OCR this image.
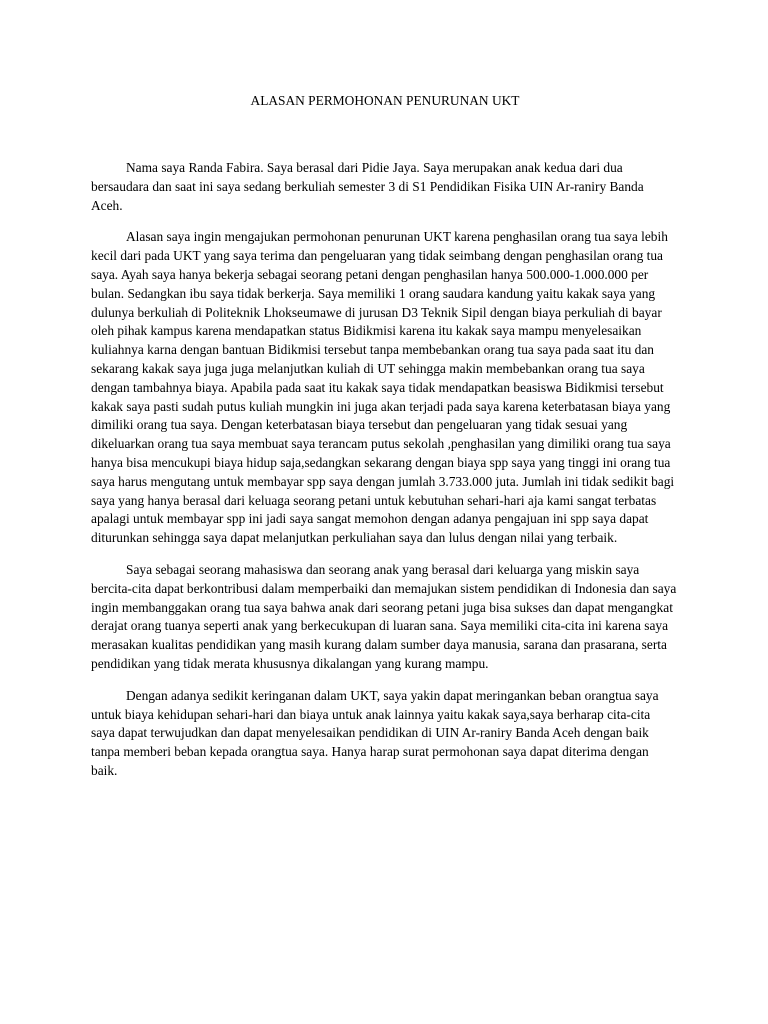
ALASAN PERMOHONAN PENURUNAN UKT

Nama saya Randa Fabira. Saya berasal dari Pidie Jaya. Saya merupakan anak kedua dari dua bersaudara dan saat ini saya sedang berkuliah semester 3 di S1 Pendidikan Fisika UIN Ar-raniry Banda Aceh.

Alasan saya ingin mengajukan permohonan penurunan UKT karena penghasilan orang tua saya lebih kecil dari pada UKT yang saya terima dan pengeluaran yang tidak seimbang dengan penghasilan orang tua saya. Ayah saya hanya bekerja sebagai seorang petani dengan penghasilan hanya 500.000-1.000.000 per bulan. Sedangkan ibu saya tidak berkerja. Saya memiliki 1 orang saudara kandung yaitu kakak saya yang dulunya berkuliah di Politeknik Lhokseumawe di jurusan D3 Teknik Sipil dengan biaya perkuliah di bayar oleh pihak kampus karena mendapatkan status Bidikmisi karena itu kakak saya mampu menyelesaikan kuliahnya karna dengan bantuan Bidikmisi tersebut tanpa membebankan orang tua saya pada saat itu dan sekarang kakak saya juga juga melanjutkan kuliah di UT sehingga makin membebankan orang tua saya dengan tambahnya biaya. Apabila pada saat itu kakak saya tidak mendapatkan beasiswa Bidikmisi tersebut kakak saya pasti sudah putus kuliah mungkin ini juga akan terjadi pada saya karena keterbatasan biaya yang dimiliki orang tua saya. Dengan keterbatasan biaya tersebut dan pengeluaran yang tidak sesuai yang dikeluarkan orang tua saya membuat saya terancam putus sekolah ,penghasilan yang dimiliki orang tua saya hanya bisa mencukupi biaya hidup saja,sedangkan sekarang dengan biaya spp saya yang tinggi ini orang tua saya harus mengutang untuk membayar spp saya dengan jumlah 3.733.000 juta. Jumlah ini tidak sedikit bagi saya yang hanya berasal dari keluaga seorang petani untuk kebutuhan sehari-hari aja kami sangat terbatas apalagi untuk membayar spp ini jadi saya sangat memohon dengan adanya pengajuan ini spp saya dapat diturunkan sehingga saya dapat melanjutkan perkuliahan saya dan lulus dengan nilai yang terbaik.

Saya sebagai seorang mahasiswa dan seorang anak yang berasal dari keluarga yang miskin saya bercita-cita dapat berkontribusi dalam memperbaiki dan memajukan sistem pendidikan di Indonesia dan saya ingin membanggakan orang tua saya bahwa anak dari seorang petani juga bisa sukses dan dapat mengangkat derajat orang tuanya seperti anak yang berkecukupan di luaran sana. Saya memiliki cita-cita ini karena saya merasakan kualitas pendidikan yang masih kurang dalam sumber daya manusia, sarana dan prasarana, serta pendidikan yang tidak merata khususnya dikalangan yang kurang mampu.

Dengan adanya sedikit keringanan dalam UKT, saya yakin dapat meringankan beban orangtua saya untuk biaya kehidupan sehari-hari dan biaya untuk anak lainnya yaitu kakak saya,saya berharap cita-cita saya dapat terwujudkan dan dapat menyelesaikan pendidikan di UIN Ar-raniry Banda Aceh dengan baik tanpa memberi beban kepada orangtua saya. Hanya harap surat permohonan saya dapat diterima dengan baik.
